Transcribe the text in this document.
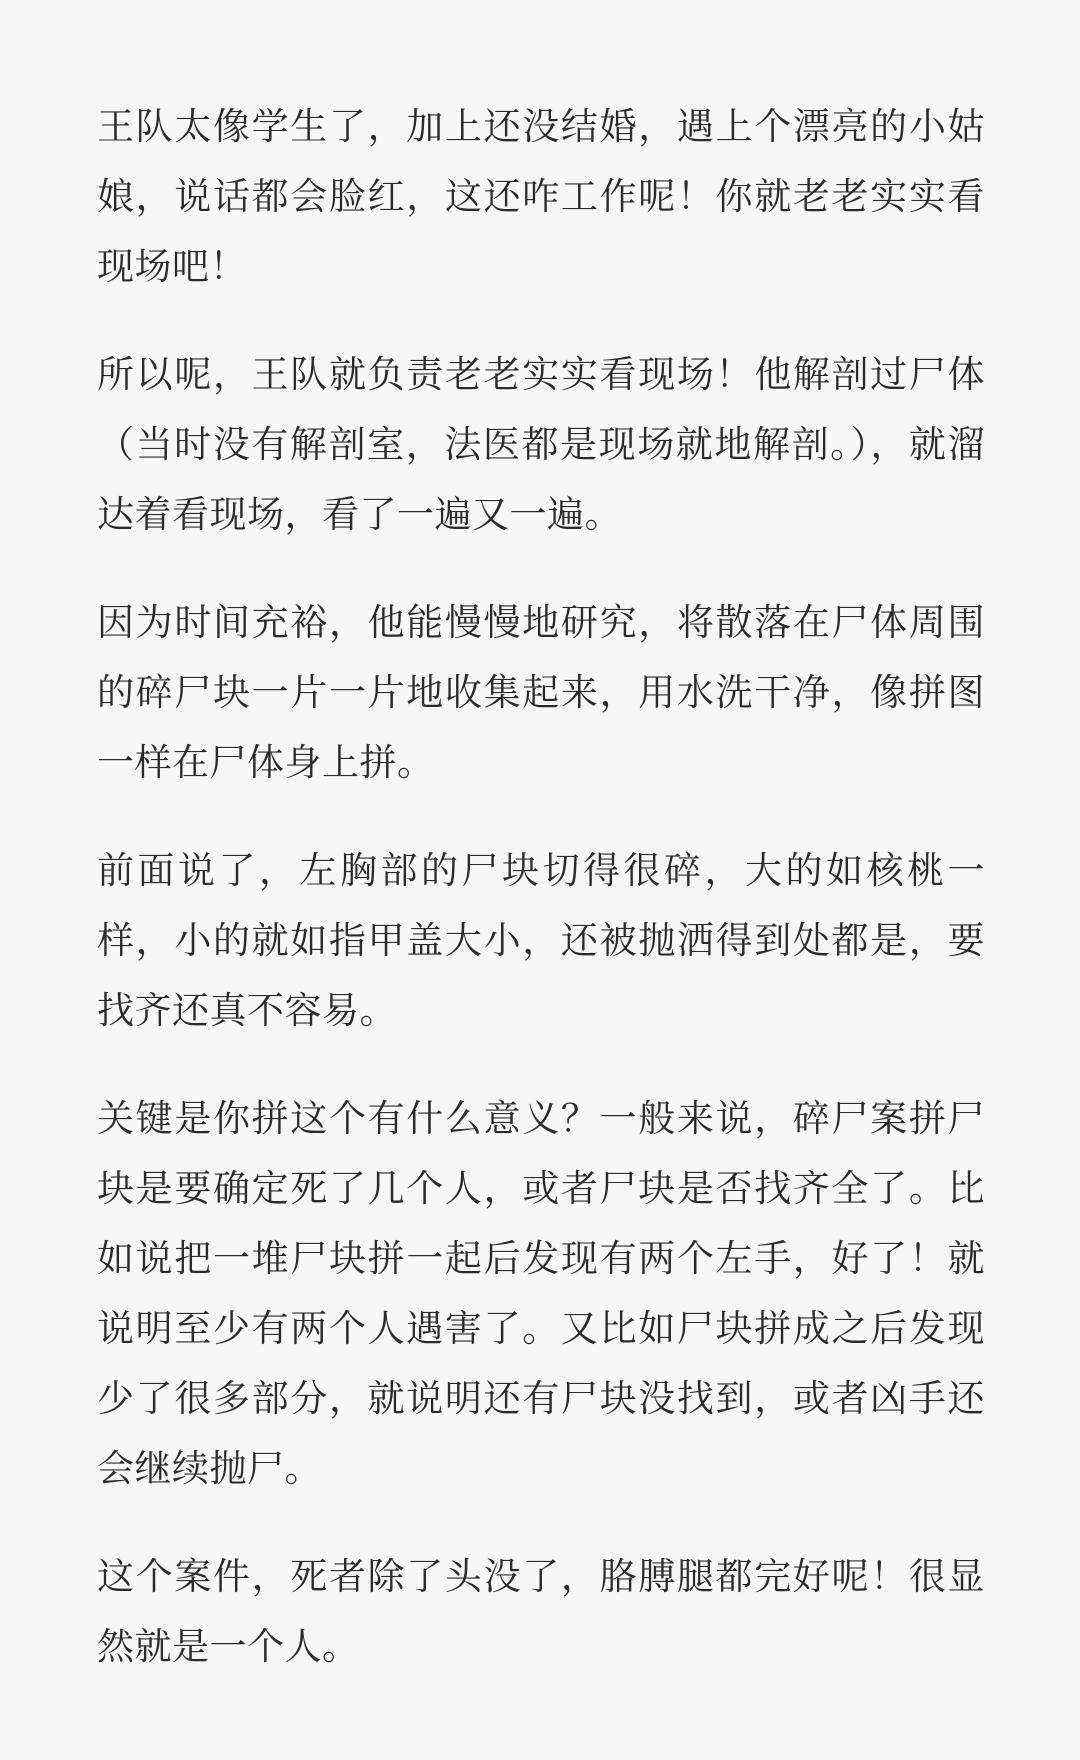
王队太像学生了，加上还没结婚，遇上个漂亮的小姑娘，说话都会脸红，这还咋工作呢！你就老老实实看现场吧！

所以呢，王队就负责老老实实看现场！他解剖过尸体（当时没有解剖室，法医都是现场就地解剖。），就溜达着看现场，看了一遍又一遍。

因为时间充裕，他能慢慢地研究，将散落在尸体周围的碎尸块一片一片地收集起来，用水洗干净，像拼图一样在尸体身上拼。

前面说了，左胸部的尸块切得很碎，大的如核桃一样，小的就如指甲盖大小，还被抛洒得到处都是，要找齐还真不容易。

关键是你拼这个有什么意义？一般来说，碎尸案拼尸块是要确定死了几个人，或者尸块是否找齐全了。比如说把一堆尸块拼一起后发现有两个左手，好了！就说明至少有两个人遇害了。又比如尸块拼成之后发现少了很多部分，就说明还有尸块没找到，或者凶手还会继续抛尸。

这个案件，死者除了头没了，胳膊腿都完好呢！很显然就是一个人。
